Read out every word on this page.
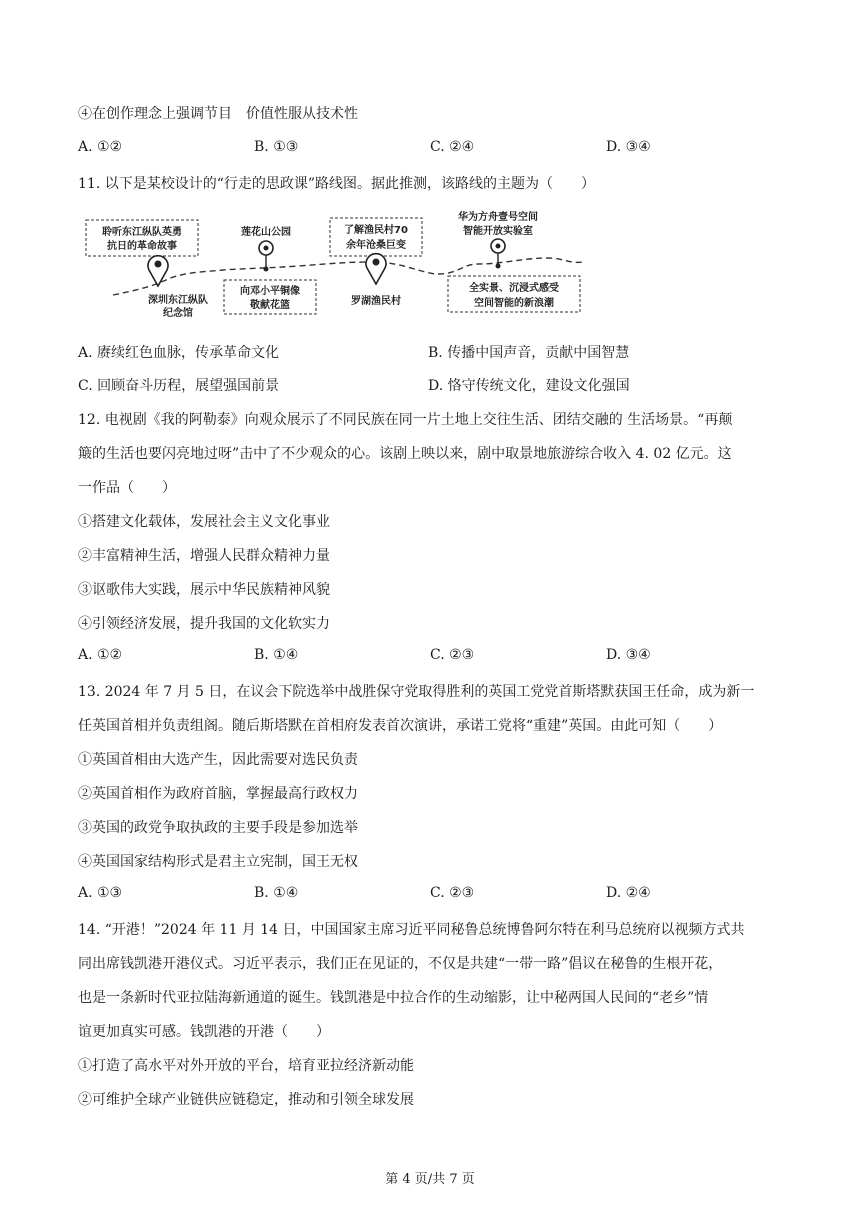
④在创作理念上强调节目　价值性服从技术性
A. ①②	B. ①③	C. ②④	D. ③④
11. 以下是某校设计的“行走的思政课”路线图。据此推测，该路线的主题为（　　）
聆听东江纵队英勇
抗日的革命故事
深圳东江纵队
纪念馆
莲花山公园
向邓小平铜像
敬献花篮
了解渔民村70
余年沧桑巨变
罗湖渔民村
华为方舟壹号空间
智能开放实验室
全实景、沉浸式感受
空间智能的新浪潮
A. 赓续红色血脉，传承革命文化	B. 传播中国声音，贡献中国智慧
C. 回顾奋斗历程，展望强国前景	D. 恪守传统文化，建设文化强国
12. 电视剧《我的阿勒泰》向观众展示了不同民族在同一片土地上交往生活、团结交融的 生活场景。“再颠
簸的生活也要闪亮地过呀”击中了不少观众的心。该剧上映以来，剧中取景地旅游综合收入 4. 02 亿元。这
一作品（　　）
①搭建文化载体，发展社会主义文化事业
②丰富精神生活，增强人民群众精神力量
③讴歌伟大实践，展示中华民族精神风貌
④引领经济发展，提升我国的文化软实力
A. ①②	B. ①④	C. ②③	D. ③④
13. 2024 年 7 月 5 日，在议会下院选举中战胜保守党取得胜利的英国工党党首斯塔默获国王任命，成为新一
任英国首相并负责组阁。随后斯塔默在首相府发表首次演讲，承诺工党将“重建”英国。由此可知（　　）
①英国首相由大选产生，因此需要对选民负责
②英国首相作为政府首脑，掌握最高行政权力
③英国的政党争取执政的主要手段是参加选举
④英国国家结构形式是君主立宪制，国王无权
A. ①③	B. ①④	C. ②③	D. ②④
14. “开港！”2024 年 11 月 14 日，中国国家主席习近平同秘鲁总统博鲁阿尔特在利马总统府以视频方式共
同出席钱凯港开港仪式。习近平表示，我们正在见证的，不仅是共建“一带一路”倡议在秘鲁的生根开花，
也是一条新时代亚拉陆海新通道的诞生。钱凯港是中拉合作的生动缩影，让中秘两国人民间的“老乡”情
谊更加真实可感。钱凯港的开港（　　）
①打造了高水平对外开放的平台，培育亚拉经济新动能
②可维护全球产业链供应链稳定，推动和引领全球发展
第 4 页/共 7 页
